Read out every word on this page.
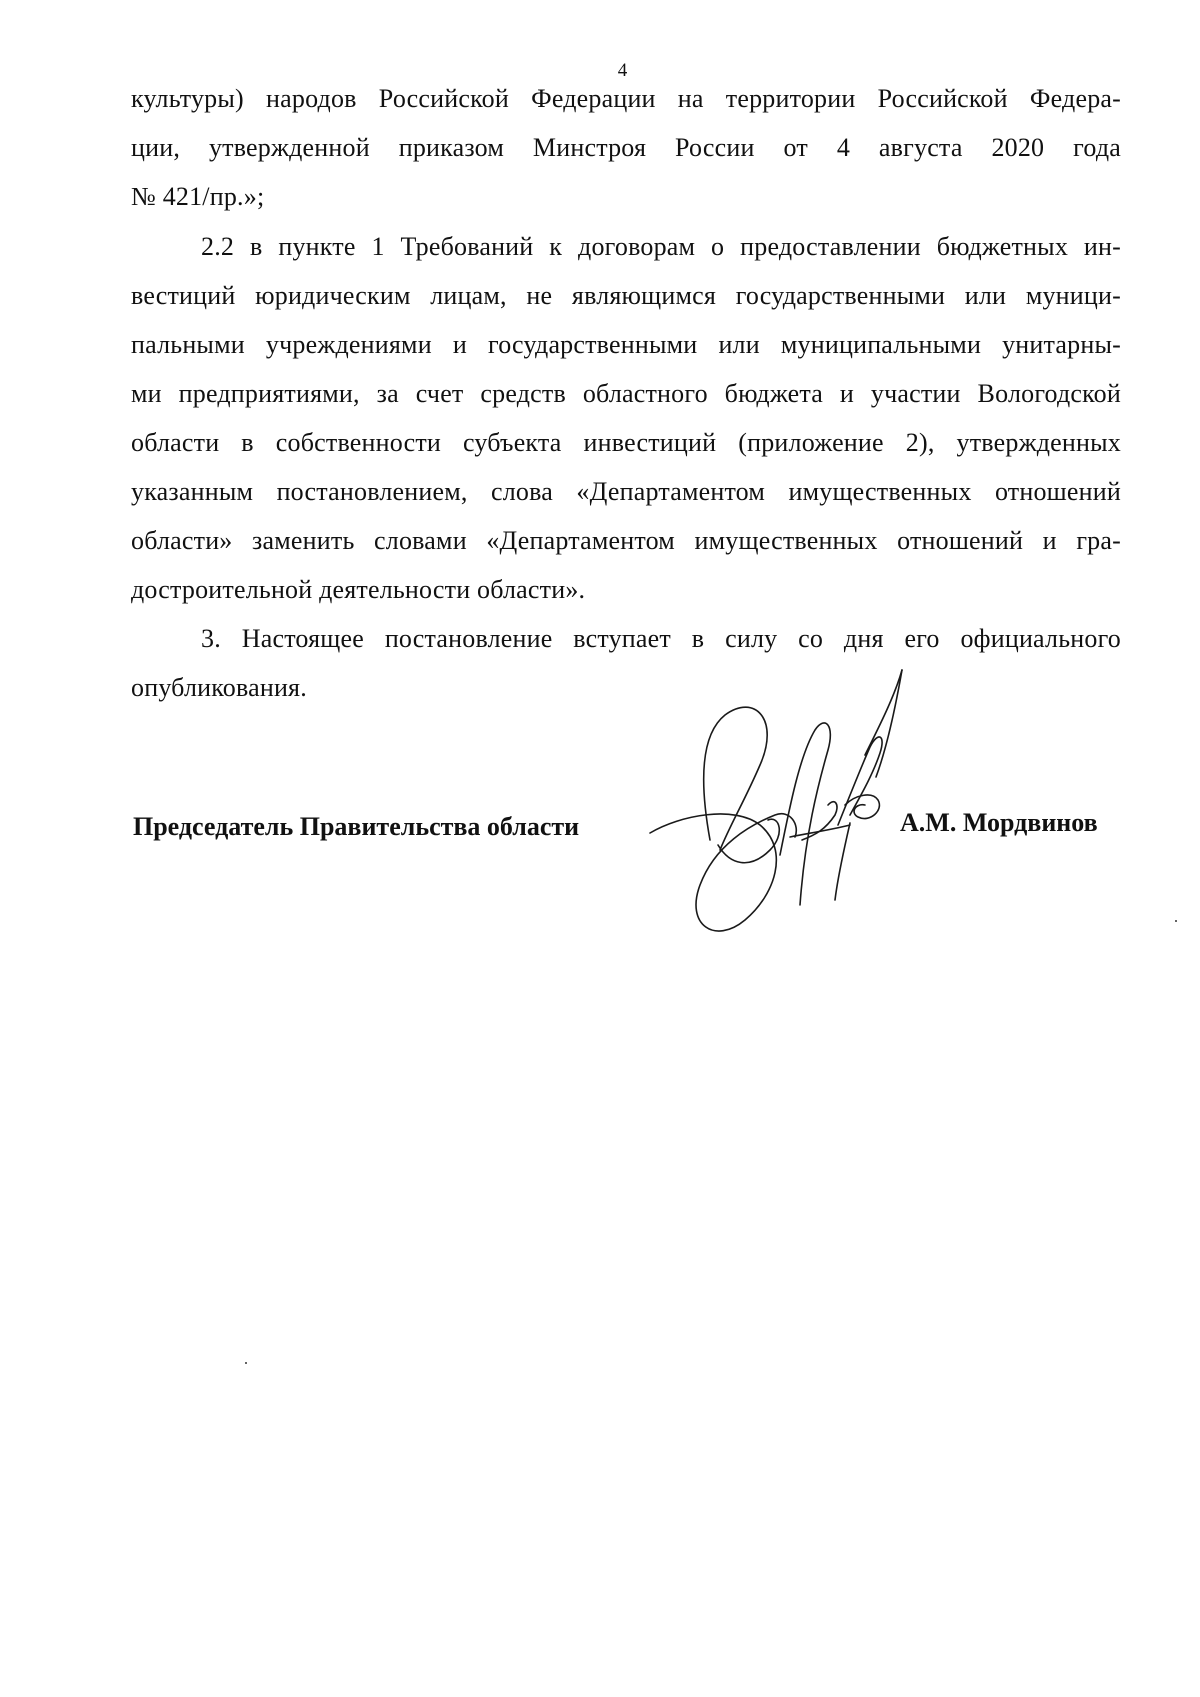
4
культуры) народов Российской Федерации на территории Российской Федера-
ции, утвержденной приказом Минстроя России от 4 августа 2020 года
№ 421/пр.»;
2.2 в пункте 1 Требований к договорам о предоставлении бюджетных ин-
вестиций юридическим лицам, не являющимся государственными или муници-
пальными учреждениями и государственными или муниципальными унитарны-
ми предприятиями, за счет средств областного бюджета и участии Вологодской
области в собственности субъекта инвестиций (приложение 2), утвержденных
указанным постановлением, слова «Департаментом имущественных отношений
области» заменить словами «Департаментом имущественных отношений и гра-
достроительной деятельности области».
3. Настоящее постановление вступает в силу со дня его официального
опубликования.
Председатель Правительства области	А.М. Мордвинов
